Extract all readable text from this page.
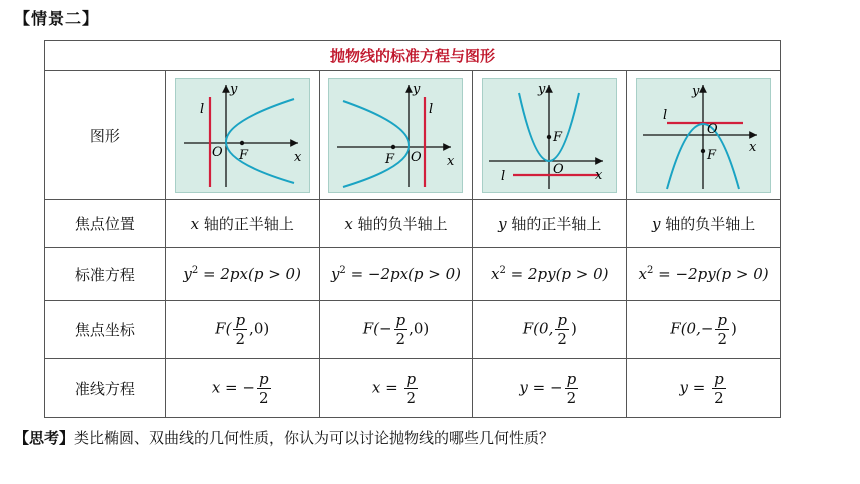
【情景二】
抛物线的标准方程与图形				
图形	y
x
O F
l	y
x
O
F
l	y
x
O
F
l	y
x
O
F
l

焦点位置	x 轴的正半轴上	x 轴的负半轴上	y 轴的正半轴上	y 轴的负半轴上
标准方程	$y^2 = 2px(p > 0)$	$y^2 = -2px(p > 0)$	$x^2 = 2py(p > 0)$	$x^2 = -2py(p > 0)$
焦点坐标	$F( \frac{p}{2} ,0)$	$F(- \frac{p}{2} ,0)$	F(0, $\frac{p}{2}$ )	$F(0,- \frac{p}{2}$ )
准线方程	x = − $\frac{p}{2}$	$x = \frac{p}{2}$	y = − $\frac{p}{2}$	$y = \frac{p}{2}$
【思考】类比椭圆、双曲线的几何性质，你认为可以讨论抛物线的哪些几何性质？
